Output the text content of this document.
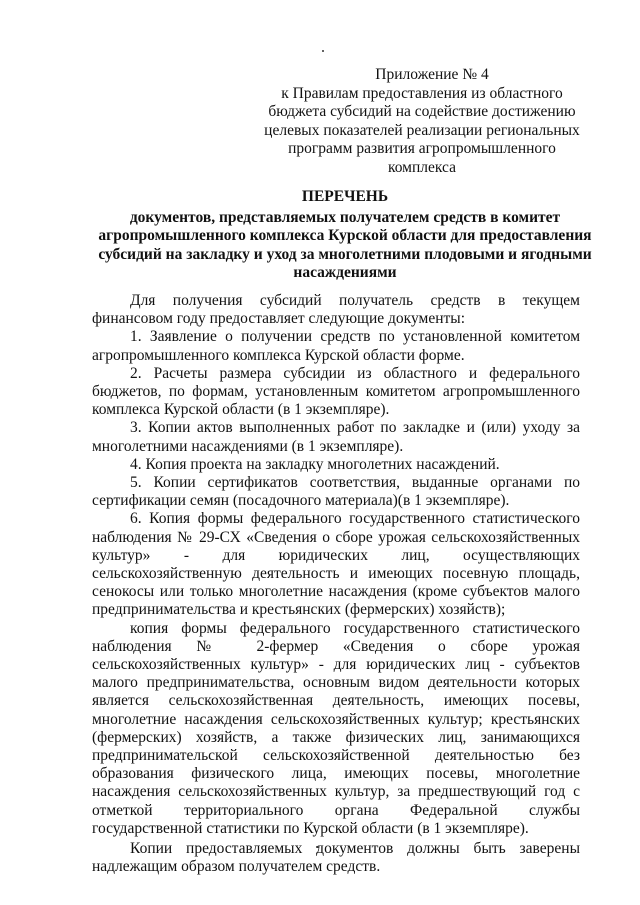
Приложение № 4
к Правилам предоставления из областного
бюджета субсидий на содействие достижению
целевых показателей реализации региональных
программ развития агропромышленного
комплекса
ПЕРЕЧЕНЬ
документов, представляемых получателем средств в комитет агропромышленного комплекса Курской области для предоставления субсидий на закладку и уход за многолетними плодовыми и ягодными насаждениями

Для получения субсидий получатель средств в текущем финансовом году предоставляет следующие документы:

1. Заявление о получении средств по установленной комитетом агропромышленного комплекса Курской области форме.

2. Расчеты размера субсидии из областного и федерального бюджетов, по формам, установленным комитетом агропромышленного комплекса Курской области (в 1 экземпляре).

3. Копии актов выполненных работ по закладке и (или) уходу за многолетними насаждениями (в 1 экземпляре).

4. Копия проекта на закладку многолетних насаждений.

5. Копии сертификатов соответствия, выданные органами по сертификации семян (посадочного материала)(в 1 экземпляре).

6. Копия формы федерального государственного статистического наблюдения № 29-СХ «Сведения о сборе урожая сельскохозяйственных культур» - для юридических лиц, осуществляющих сельскохозяйственную деятельность и имеющих посевную площадь, сенокосы или только многолетние насаждения (кроме субъектов малого предпринимательства и крестьянских (фермерских) хозяйств);

копия формы федерального государственного статистического наблюдения № 2-фермер «Сведения о сборе урожая сельскохозяйственных культур» - для юридических лиц - субъектов малого предпринимательства, основным видом деятельности которых является сельскохозяйственная деятельность, имеющих посевы, многолетние насаждения сельскохозяйственных культур; крестьянских (фермерских) хозяйств, а также физических лиц, занимающихся предпринимательской сельскохозяйственной деятельностью без образования физического лица, имеющих посевы, многолетние насаждения сельскохозяйственных культур, за предшествующий год с отметкой территориального органа Федеральной службы государственной статистики по Курской области (в 1 экземпляре).

Копии предоставляемых документов должны быть заверены надлежащим образом получателем средств.
